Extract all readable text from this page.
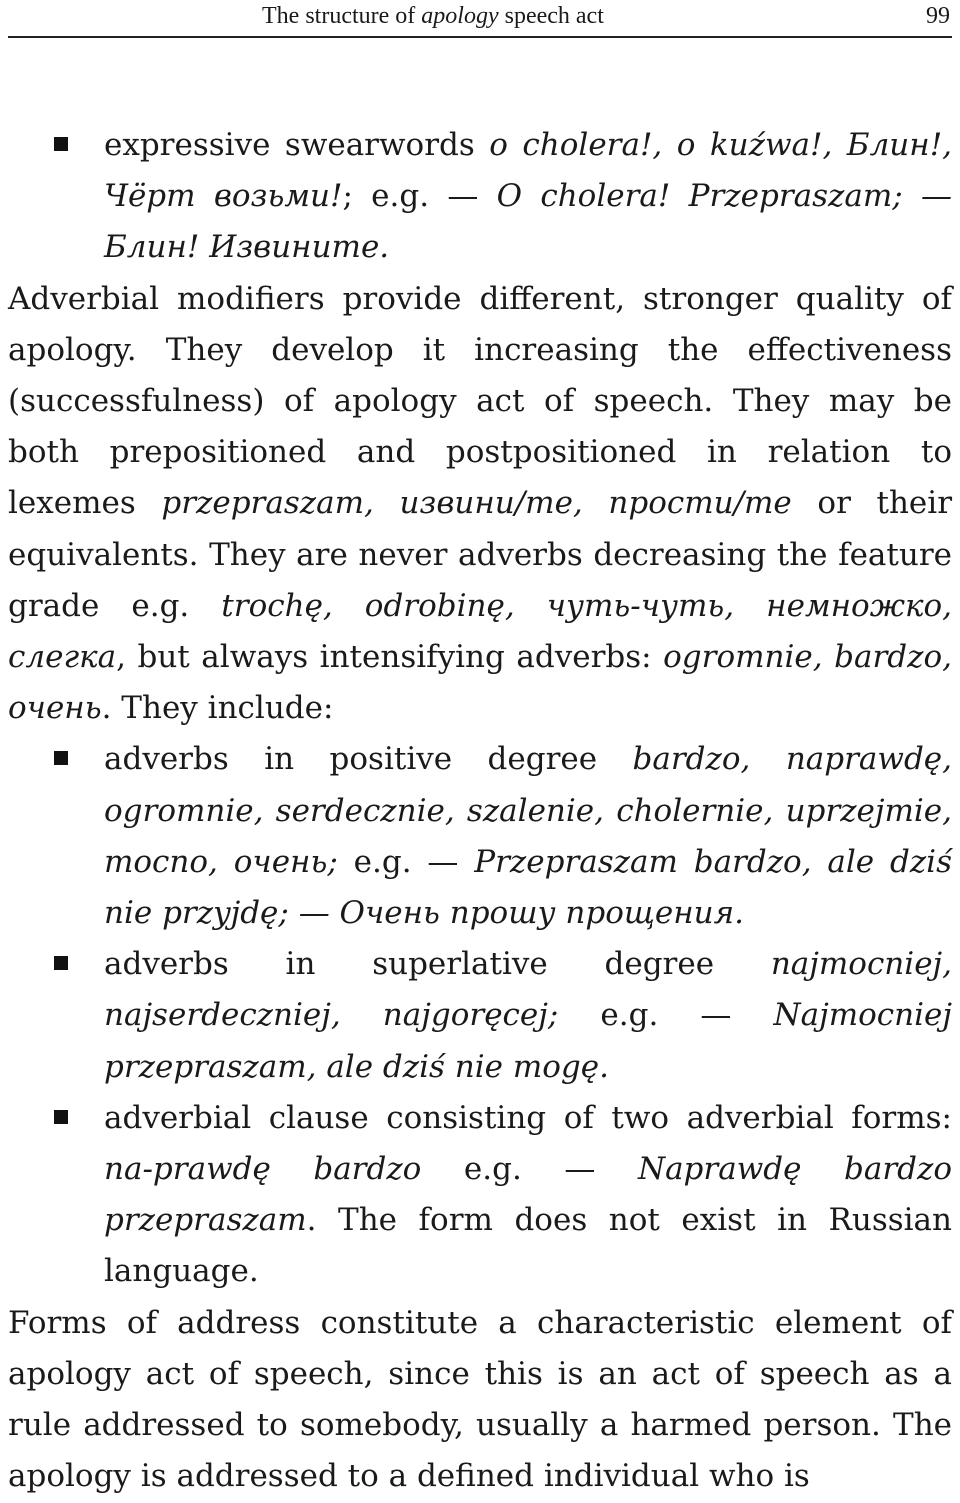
The structure of apology speech act	99
expressive swearwords o cholera!, o kuźwa!, Блин!, Чёрт возьми!; e.g. — O cholera! Przepraszam; — Блин! Извините.

Adverbial modifiers provide different, stronger quality of apology. They develop it increasing the effectiveness (successfulness) of apology act of speech. They may be both prepositioned and postpositioned in relation to lexemes przepraszam, извини/те, прости/те or their equivalents. They are never adverbs decreasing the feature grade e.g. trochę, odrobinę, чуть-чуть, немножко, слегка, but always intensifying adverbs: ogromnie, bardzo, очень. They include:

adverbs in positive degree bardzo, naprawdę, ogromnie, serdecznie, szalenie, cholernie, uprzejmie, mocno, очень; e.g. — Przepraszam bardzo, ale dziś nie przyjdę; — Очень прошу прощения.
adverbs in superlative degree najmocniej, najserdeczniej, najgoręcej; e.g. — Najmocniej przepraszam, ale dziś nie mogę.
adverbial clause consisting of two adverbial forms: na-prawdę bardzo e.g. — Naprawdę bardzo przepraszam. The form does not exist in Russian language.

Forms of address constitute a characteristic element of apology act of speech, since this is an act of speech as a rule addressed to somebody, usually a harmed person. The apology is addressed to a defined individual who is
